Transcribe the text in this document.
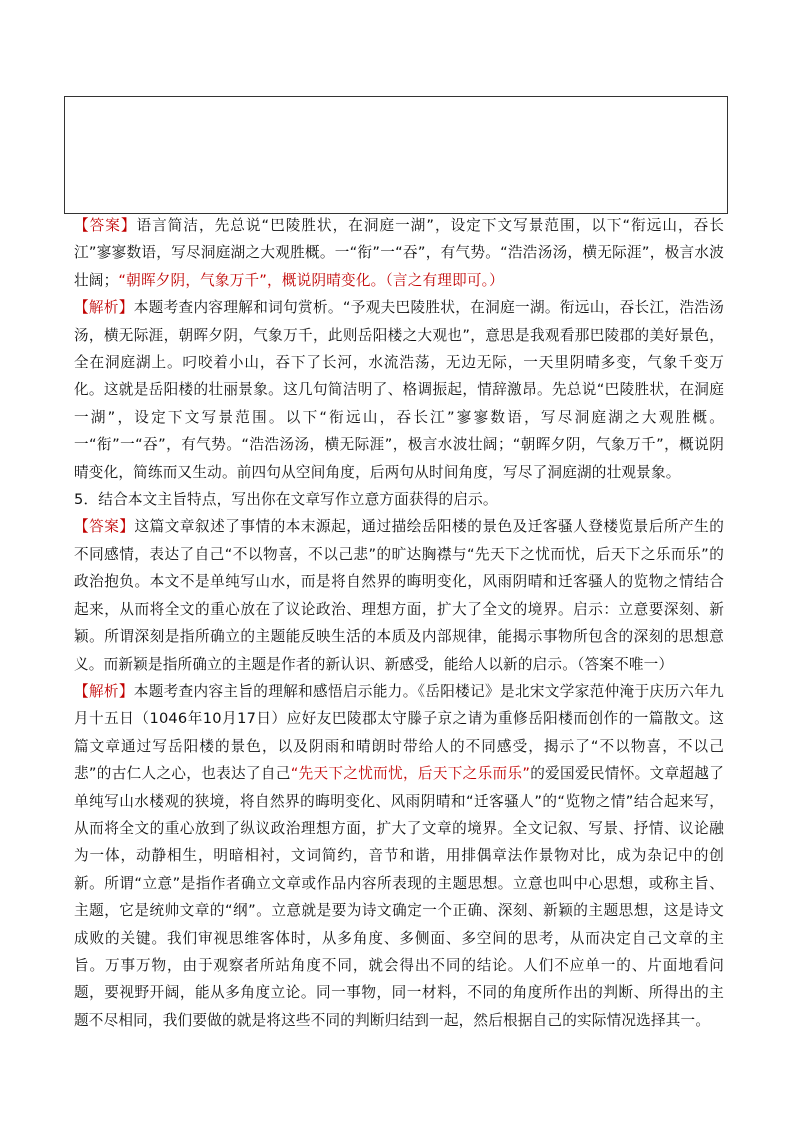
【答案】语言简洁，先总说“巴陵胜状，在洞庭一湖”，设定下文写景范围，以下“衔远山，吞长江”寥寥数语，写尽洞庭湖之大观胜概。一“衔”一“吞”，有气势。“浩浩汤汤，横无际涯”，极言水波壮阔；“朝晖夕阴，气象万千”，概说阴晴变化。（言之有理即可。）

【解析】本题考查内容理解和词句赏析。“予观夫巴陵胜状，在洞庭一湖。衔远山，吞长江，浩浩汤汤，横无际涯，朝晖夕阴，气象万千，此则岳阳楼之大观也”，意思是我观看那巴陵郡的美好景色，全在洞庭湖上。叼咬着小山，吞下了长河，水流浩荡，无边无际，一天里阴晴多变，气象千变万化。这就是岳阳楼的壮丽景象。这几句简洁明了、格调振起，情辞激昂。先总说“巴陵胜状，在洞庭一湖”，设定下文写景范围。以下“衔远山，吞长江”寥寥数语，写尽洞庭湖之大观胜概。一“衔”一“吞”，有气势。“浩浩汤汤，横无际涯”，极言水波壮阔；“朝晖夕阴，气象万千”，概说阴晴变化，简练而又生动。前四句从空间角度，后两句从时间角度，写尽了洞庭湖的壮观景象。

5．结合本文主旨特点，写出你在文章写作立意方面获得的启示。

【答案】这篇文章叙述了事情的本末源起，通过描绘岳阳楼的景色及迁客骚人登楼览景后所产生的不同感情，表达了自己“不以物喜，不以己悲”的旷达胸襟与“先天下之忧而忧，后天下之乐而乐”的政治抱负。本文不是单纯写山水，而是将自然界的晦明变化，风雨阴晴和迁客骚人的览物之情结合起来，从而将全文的重心放在了议论政治、理想方面，扩大了全文的境界。启示：立意要深刻、新颖。所谓深刻是指所确立的主题能反映生活的本质及内部规律，能揭示事物所包含的深刻的思想意义。而新颖是指所确立的主题是作者的新认识、新感受，能给人以新的启示。（答案不唯一）

【解析】本题考查内容主旨的理解和感悟启示能力。《岳阳楼记》是北宋文学家范仲淹于庆历六年九月十五日（1046年10月17日）应好友巴陵郡太守滕子京之请为重修岳阳楼而创作的一篇散文。这篇文章通过写岳阳楼的景色，以及阴雨和晴朗时带给人的不同感受，揭示了“不以物喜，不以己悲”的古仁人之心，也表达了自己“先天下之忧而忧，后天下之乐而乐”的爱国爱民情怀。文章超越了单纯写山水楼观的狭境，将自然界的晦明变化、风雨阴晴和“迁客骚人”的“览物之情”结合起来写，从而将全文的重心放到了纵议政治理想方面，扩大了文章的境界。全文记叙、写景、抒情、议论融为一体，动静相生，明暗相衬，文词简约，音节和谐，用排偶章法作景物对比，成为杂记中的创新。所谓“立意”是指作者确立文章或作品内容所表现的主题思想。立意也叫中心思想，或称主旨、主题，它是统帅文章的“纲”。立意就是要为诗文确定一个正确、深刻、新颖的主题思想，这是诗文成败的关键。我们审视思维客体时，从多角度、多侧面、多空间的思考，从而决定自己文章的主旨。万事万物，由于观察者所站角度不同，就会得出不同的结论。人们不应单一的、片面地看问题，要视野开阔，能从多角度立论。同一事物，同一材料，不同的角度所作出的判断、所得出的主题不尽相同，我们要做的就是将这些不同的判断归结到一起，然后根据自己的实际情况选择其一。
